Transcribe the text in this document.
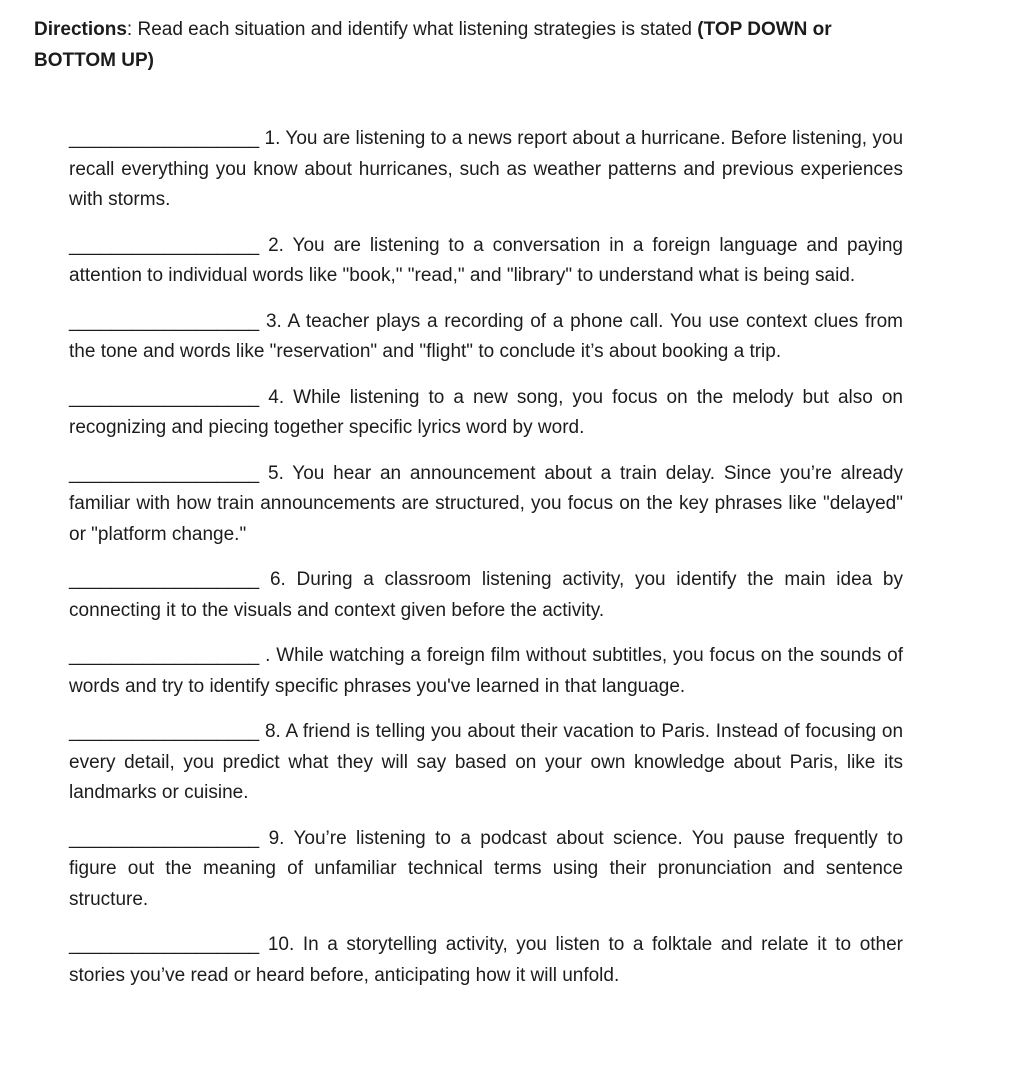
Directions: Read each situation and identify what listening strategies is stated (TOP DOWN or BOTTOM UP)

__________________ 1. You are listening to a news report about a hurricane. Before listening, you recall everything you know about hurricanes, such as weather patterns and previous experiences with storms.

__________________ 2. You are listening to a conversation in a foreign language and paying attention to individual words like "book," "read," and "library" to understand what is being said.

__________________ 3. A teacher plays a recording of a phone call. You use context clues from the tone and words like "reservation" and "flight" to conclude it’s about booking a trip.

__________________ 4. While listening to a new song, you focus on the melody but also on recognizing and piecing together specific lyrics word by word.

__________________ 5. You hear an announcement about a train delay. Since you’re already familiar with how train announcements are structured, you focus on the key phrases like "delayed" or "platform change."

__________________ 6. During a classroom listening activity, you identify the main idea by connecting it to the visuals and context given before the activity.

__________________ . While watching a foreign film without subtitles, you focus on the sounds of words and try to identify specific phrases you've learned in that language.

__________________ 8. A friend is telling you about their vacation to Paris. Instead of focusing on every detail, you predict what they will say based on your own knowledge about Paris, like its landmarks or cuisine.

__________________ 9. You’re listening to a podcast about science. You pause frequently to figure out the meaning of unfamiliar technical terms using their pronunciation and sentence structure.

__________________ 10. In a storytelling activity, you listen to a folktale and relate it to other stories you’ve read or heard before, anticipating how it will unfold.
